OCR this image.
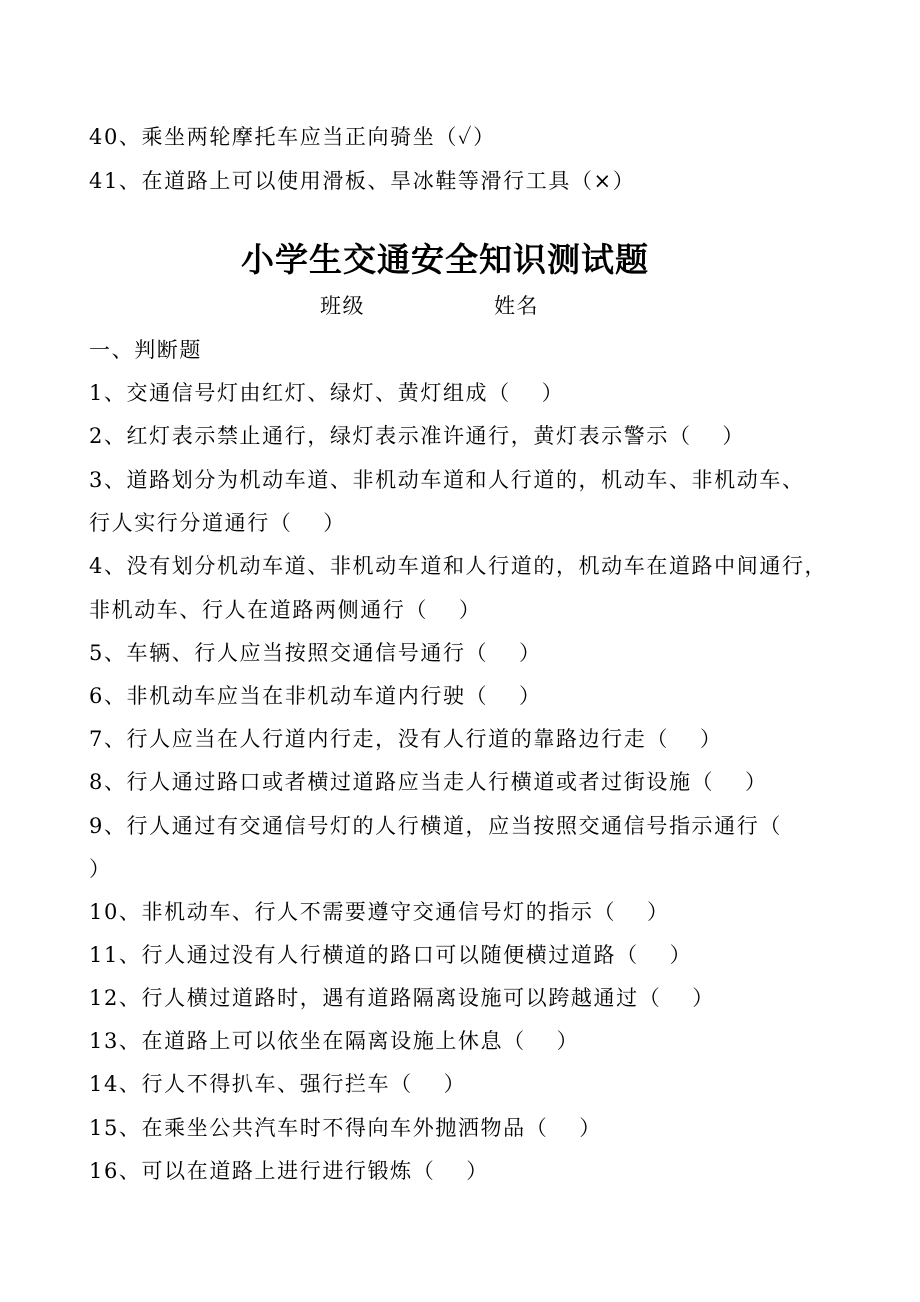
40、乘坐两轮摩托车应当正向骑坐（✓）
41、在道路上可以使用滑板、旱冰鞋等滑行工具（×）
小学生交通安全知识测试题
班级	姓名
一、判断题
1、交通信号灯由红灯、绿灯、黄灯组成（　 ）
2、红灯表示禁止通行，绿灯表示准许通行，黄灯表示警示（　 ）
3、道路划分为机动车道、非机动车道和人行道的，机动车、非机动车、
行人实行分道通行（　 ）
4、没有划分机动车道、非机动车道和人行道的，机动车在道路中间通行，
非机动车、行人在道路两侧通行（　 ）
5、车辆、行人应当按照交通信号通行（　 ）
6、非机动车应当在非机动车道内行驶（　 ）
7、行人应当在人行道内行走，没有人行道的靠路边行走（　 ）
8、行人通过路口或者横过道路应当走人行横道或者过街设施（　 ）
9、行人通过有交通信号灯的人行横道，应当按照交通信号指示通行（
）
10、非机动车、行人不需要遵守交通信号灯的指示（　 ）
11、行人通过没有人行横道的路口可以随便横过道路（　 ）
12、行人横过道路时，遇有道路隔离设施可以跨越通过（　 ）
13、在道路上可以依坐在隔离设施上休息（　 ）
14、行人不得扒车、强行拦车（　 ）
15、在乘坐公共汽车时不得向车外抛洒物品（　 ）
16、可以在道路上进行进行锻炼（　 ）
